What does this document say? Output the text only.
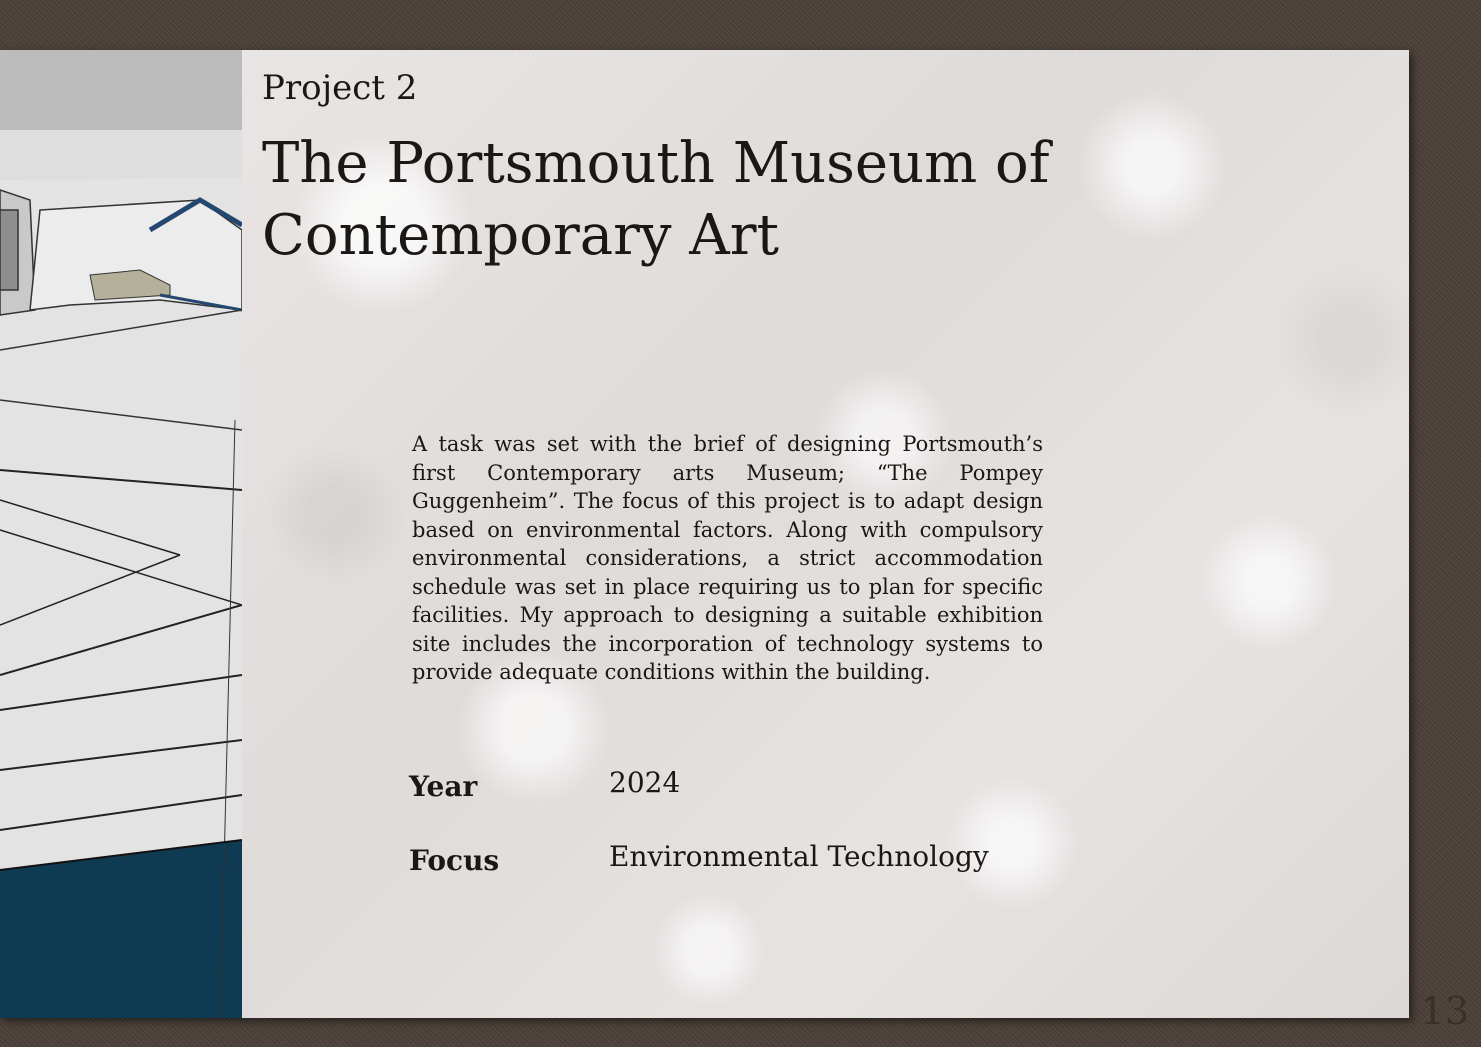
Project 2
The Portsmouth Museum of Contemporary Art

A task was set with the brief of designing Portsmouth’s first Contemporary arts Museum; “The Pompey Guggenheim”. The focus of this project is to adapt design based on environmental factors. Along with compulsory environmental considerations, a strict accommodation schedule was set in place requiring us to plan for specific facilities. My approach to designing a suitable exhibition site includes the incorporation of technology systems to provide adequate conditions within the building.

Year	2024
Focus	Environmental Technology
13
